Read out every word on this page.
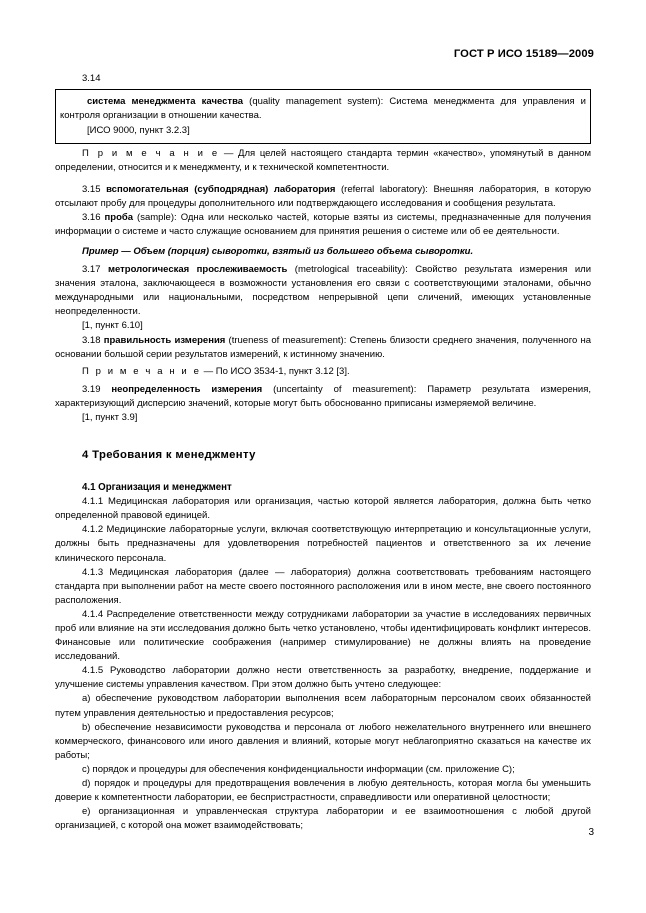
ГОСТ Р ИСО 15189—2009
3.14

система менеджмента качества (quality management system): Система менеджмента для управления и контроля организации в отношении качества.

[ИСО 9000, пункт 3.2.3]

П р и м е ч а н и е — Для целей настоящего стандарта термин «качество», упомянутый в данном определении, относится и к менеджменту, и к технической компетентности.

3.15 вспомогательная (субподрядная) лаборатория (referral laboratory): Внешняя лаборатория, в которую отсылают пробу для процедуры дополнительного или подтверждающего исследования и сообщения результата.

3.16 проба (sample): Одна или несколько частей, которые взяты из системы, предназначенные для получения информации о системе и часто служащие основанием для принятия решения о системе или об ее деятельности.

Пример — Объем (порция) сыворотки, взятый из большего объема сыворотки.

3.17 метрологическая прослеживаемость (metrological traceability): Свойство результата измерения или значения эталона, заключающееся в возможности установления его связи с соответствующими эталонами, обычно международными или национальными, посредством непрерывной цепи сличений, имеющих установленные неопределенности.

[1, пункт 6.10]

3.18 правильность измерения (trueness of measurement): Степень близости среднего значения, полученного на основании большой серии результатов измерений, к истинному значению.

П р и м е ч а н и е — По ИСО 3534-1, пункт 3.12 [3].

3.19 неопределенность измерения (uncertainty of measurement): Параметр результата измерения, характеризующий дисперсию значений, которые могут быть обоснованно приписаны измеряемой величине.

[1, пункт 3.9]

4 Требования к менеджменту
4.1 Организация и менеджмент

4.1.1 Медицинская лаборатория или организация, частью которой является лаборатория, должна быть четко определенной правовой единицей.

4.1.2 Медицинские лабораторные услуги, включая соответствующую интерпретацию и консультационные услуги, должны быть предназначены для удовлетворения потребностей пациентов и ответственного за их лечение клинического персонала.

4.1.3 Медицинская лаборатория (далее — лаборатория) должна соответствовать требованиям настоящего стандарта при выполнении работ на месте своего постоянного расположения или в ином месте, вне своего постоянного расположения.

4.1.4 Распределение ответственности между сотрудниками лаборатории за участие в исследованиях первичных проб или влияние на эти исследования должно быть четко установлено, чтобы идентифицировать конфликт интересов. Финансовые или политические соображения (например стимулирование) не должны влиять на проведение исследований.

4.1.5 Руководство лаборатории должно нести ответственность за разработку, внедрение, поддержание и улучшение системы управления качеством. При этом должно быть учтено следующее:

a) обеспечение руководством лаборатории выполнения всем лабораторным персоналом своих обязанностей путем управления деятельностью и предоставления ресурсов;

b) обеспечение независимости руководства и персонала от любого нежелательного внутреннего или внешнего коммерческого, финансового или иного давления и влияний, которые могут неблагоприятно сказаться на качестве их работы;

c) порядок и процедуры для обеспечения конфиденциальности информации (см. приложение C);

d) порядок и процедуры для предотвращения вовлечения в любую деятельность, которая могла бы уменьшить доверие к компетентности лаборатории, ее беспристрастности, справедливости или оперативной целостности;

e) организационная и управленческая структура лаборатории и ее взаимоотношения с любой другой организацией, с которой она может взаимодействовать;

3
